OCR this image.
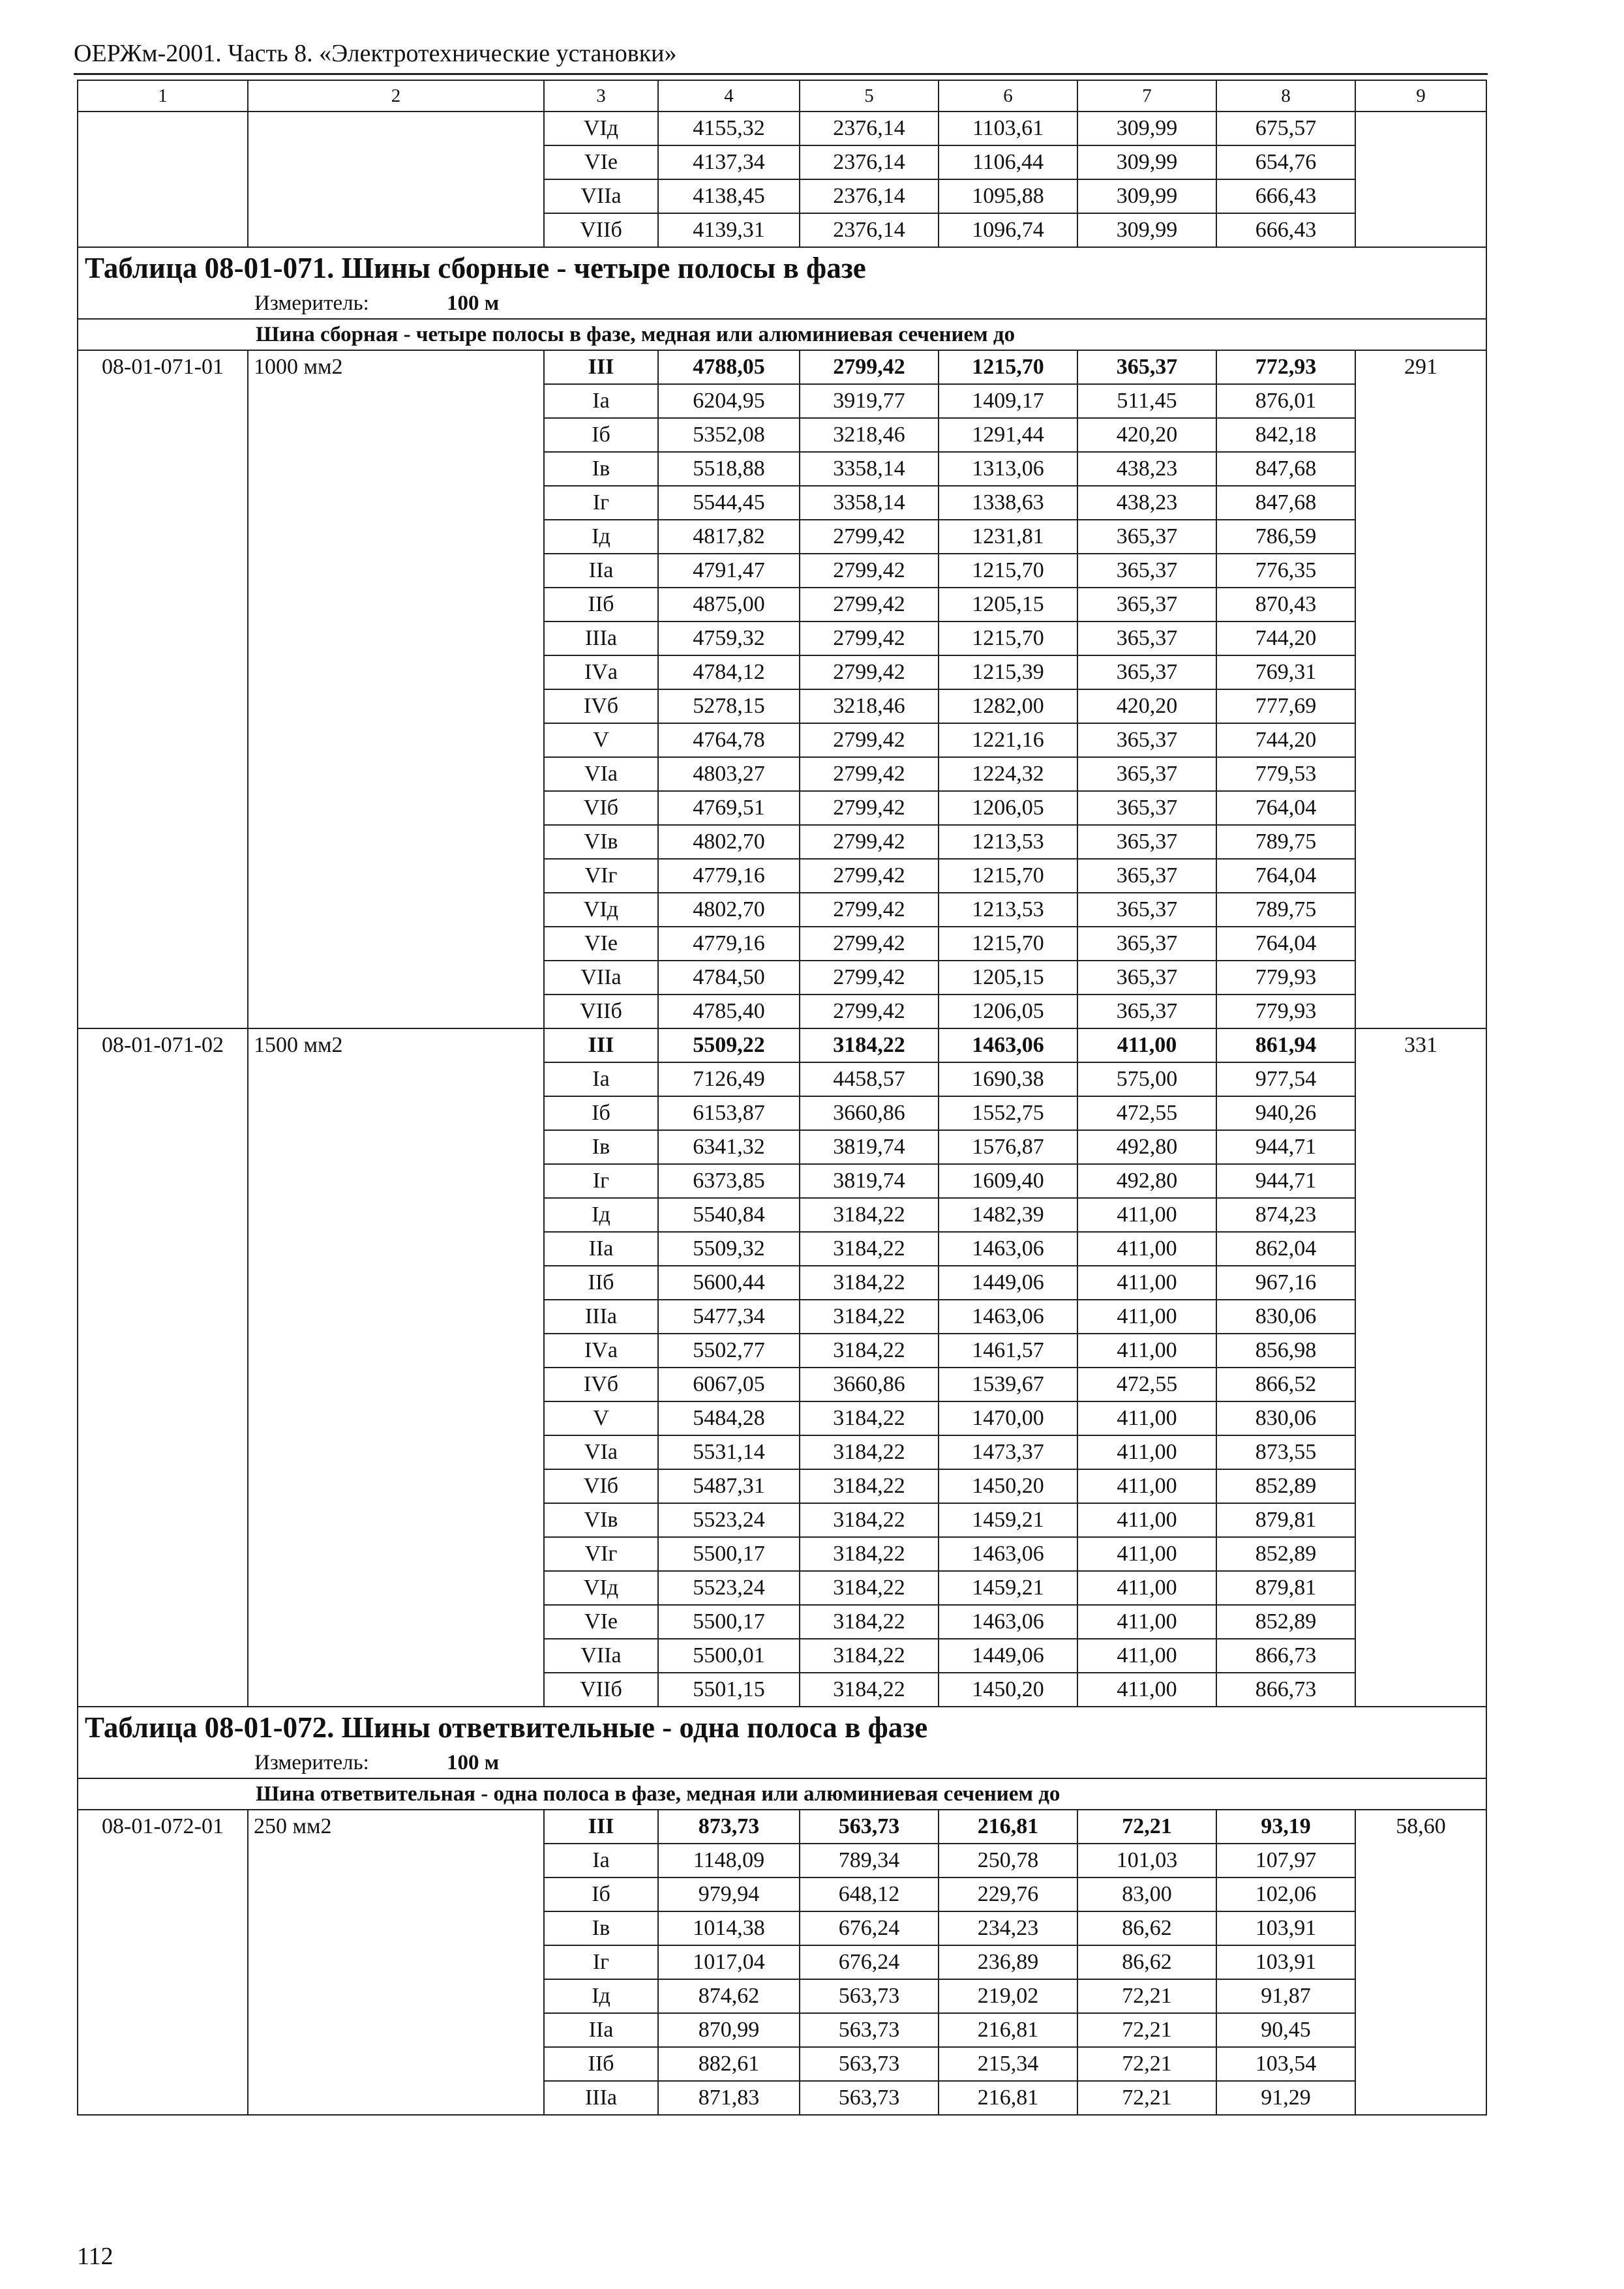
ОЕРЖм-2001. Часть 8. «Электротехнические установки»
1	2	3	4	5	6	7	8	9
		VIд	4155,32	2376,14	1103,61	309,99	675,57	
		VIе	4137,34	2376,14	1106,44	309,99	654,76	
		VIIа	4138,45	2376,14	1095,88	309,99	666,43	
		VIIб	4139,31	2376,14	1096,74	309,99	666,43	
Таблица 08-01-071. Шины сборные - четыре полосы в фазе								
Измеритель: 100 м								
Шина сборная - четыре полосы в фазе, медная или алюминиевая сечением до								
08-01-071-01	1000 мм2	III	4788,05	2799,42	1215,70	365,37	772,93	291
		Iа	6204,95	3919,77	1409,17	511,45	876,01	
		Iб	5352,08	3218,46	1291,44	420,20	842,18	
		Iв	5518,88	3358,14	1313,06	438,23	847,68	
		Iг	5544,45	3358,14	1338,63	438,23	847,68	
		Iд	4817,82	2799,42	1231,81	365,37	786,59	
		IIа	4791,47	2799,42	1215,70	365,37	776,35	
		IIб	4875,00	2799,42	1205,15	365,37	870,43	
		IIIа	4759,32	2799,42	1215,70	365,37	744,20	
		IVа	4784,12	2799,42	1215,39	365,37	769,31	
		IVб	5278,15	3218,46	1282,00	420,20	777,69	
		V	4764,78	2799,42	1221,16	365,37	744,20	
		VIа	4803,27	2799,42	1224,32	365,37	779,53	
		VIб	4769,51	2799,42	1206,05	365,37	764,04	
		VIв	4802,70	2799,42	1213,53	365,37	789,75	
		VIг	4779,16	2799,42	1215,70	365,37	764,04	
		VIд	4802,70	2799,42	1213,53	365,37	789,75	
		VIе	4779,16	2799,42	1215,70	365,37	764,04	
		VIIа	4784,50	2799,42	1205,15	365,37	779,93	
		VIIб	4785,40	2799,42	1206,05	365,37	779,93	
08-01-071-02	1500 мм2	III	5509,22	3184,22	1463,06	411,00	861,94	331
		Iа	7126,49	4458,57	1690,38	575,00	977,54	
		Iб	6153,87	3660,86	1552,75	472,55	940,26	
		Iв	6341,32	3819,74	1576,87	492,80	944,71	
		Iг	6373,85	3819,74	1609,40	492,80	944,71	
		Iд	5540,84	3184,22	1482,39	411,00	874,23	
		IIа	5509,32	3184,22	1463,06	411,00	862,04	
		IIб	5600,44	3184,22	1449,06	411,00	967,16	
		IIIа	5477,34	3184,22	1463,06	411,00	830,06	
		IVа	5502,77	3184,22	1461,57	411,00	856,98	
		IVб	6067,05	3660,86	1539,67	472,55	866,52	
		V	5484,28	3184,22	1470,00	411,00	830,06	
		VIа	5531,14	3184,22	1473,37	411,00	873,55	
		VIб	5487,31	3184,22	1450,20	411,00	852,89	
		VIв	5523,24	3184,22	1459,21	411,00	879,81	
		VIг	5500,17	3184,22	1463,06	411,00	852,89	
		VIд	5523,24	3184,22	1459,21	411,00	879,81	
		VIе	5500,17	3184,22	1463,06	411,00	852,89	
		VIIа	5500,01	3184,22	1449,06	411,00	866,73	
		VIIб	5501,15	3184,22	1450,20	411,00	866,73	
Таблица 08-01-072. Шины ответвительные - одна полоса в фазе								
Измеритель: 100 м								
Шина ответвительная - одна полоса в фазе, медная или алюминиевая сечением до								
08-01-072-01	250 мм2	III	873,73	563,73	216,81	72,21	93,19	58,60
		Iа	1148,09	789,34	250,78	101,03	107,97	
		Iб	979,94	648,12	229,76	83,00	102,06	
		Iв	1014,38	676,24	234,23	86,62	103,91	
		Iг	1017,04	676,24	236,89	86,62	103,91	
		Iд	874,62	563,73	219,02	72,21	91,87	
		IIа	870,99	563,73	216,81	72,21	90,45	
		IIб	882,61	563,73	215,34	72,21	103,54	
		IIIа	871,83	563,73	216,81	72,21	91,29	
112
